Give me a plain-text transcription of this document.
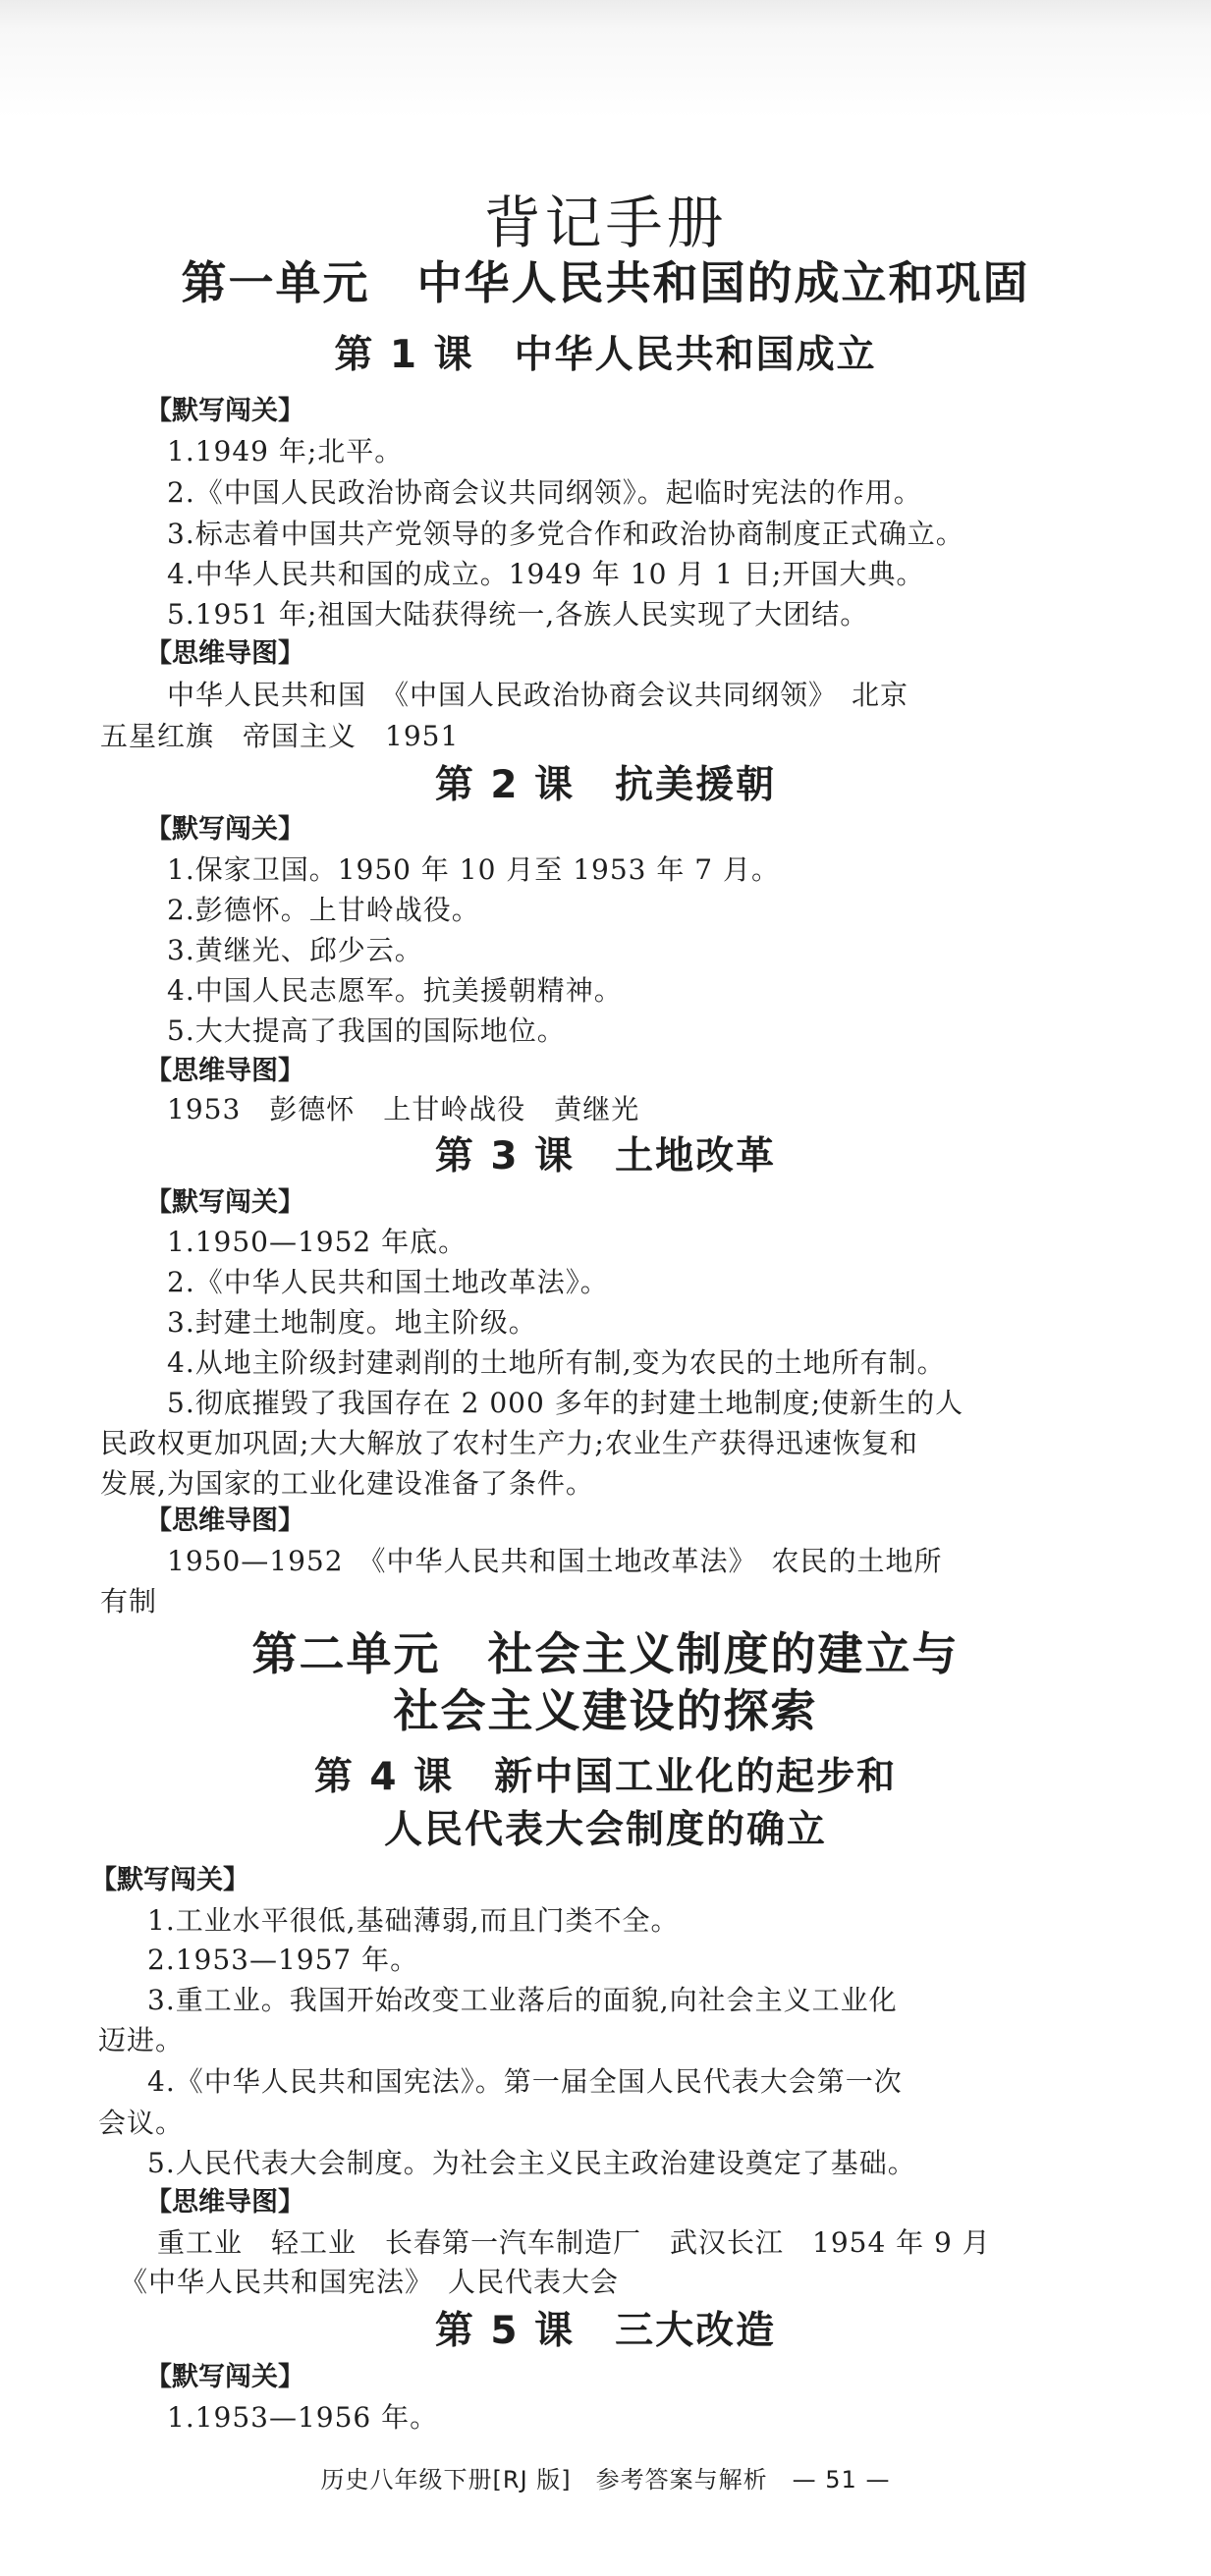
背记手册
第一单元　中华人民共和国的成立和巩固
第 1 课　中华人民共和国成立
【默写闯关】
1.1949 年;北平。
2.《中国人民政治协商会议共同纲领》。起临时宪法的作用。
3.标志着中国共产党领导的多党合作和政治协商制度正式确立。
4.中华人民共和国的成立。1949 年 10 月 1 日;开国大典。
5.1951 年;祖国大陆获得统一,各族人民实现了大团结。
【思维导图】
中华人民共和国　《中国人民政治协商会议共同纲领》　北京
五星红旗　帝国主义　1951
第 2 课　抗美援朝
【默写闯关】
1.保家卫国。1950 年 10 月至 1953 年 7 月。
2.彭德怀。上甘岭战役。
3.黄继光、邱少云。
4.中国人民志愿军。抗美援朝精神。
5.大大提高了我国的国际地位。
【思维导图】
1953　彭德怀　上甘岭战役　黄继光
第 3 课　土地改革
【默写闯关】
1.1950—1952 年底。
2.《中华人民共和国土地改革法》。
3.封建土地制度。地主阶级。
4.从地主阶级封建剥削的土地所有制,变为农民的土地所有制。
5.彻底摧毁了我国存在 2 000 多年的封建土地制度;使新生的人
民政权更加巩固;大大解放了农村生产力;农业生产获得迅速恢复和
发展,为国家的工业化建设准备了条件。
【思维导图】
1950—1952　《中华人民共和国土地改革法》　农民的土地所
有制
第二单元　社会主义制度的建立与
社会主义建设的探索
第 4 课　新中国工业化的起步和
人民代表大会制度的确立
【默写闯关】
1.工业水平很低,基础薄弱,而且门类不全。
2.1953—1957 年。
3.重工业。我国开始改变工业落后的面貌,向社会主义工业化
迈进。
4.《中华人民共和国宪法》。第一届全国人民代表大会第一次
会议。
5.人民代表大会制度。为社会主义民主政治建设奠定了基础。
【思维导图】
重工业　轻工业　长春第一汽车制造厂　武汉长江　1954 年 9 月
《中华人民共和国宪法》　人民代表大会
第 5 课　三大改造
【默写闯关】
1.1953—1956 年。
历史八年级下册[RJ 版]　参考答案与解析　— 51 —
